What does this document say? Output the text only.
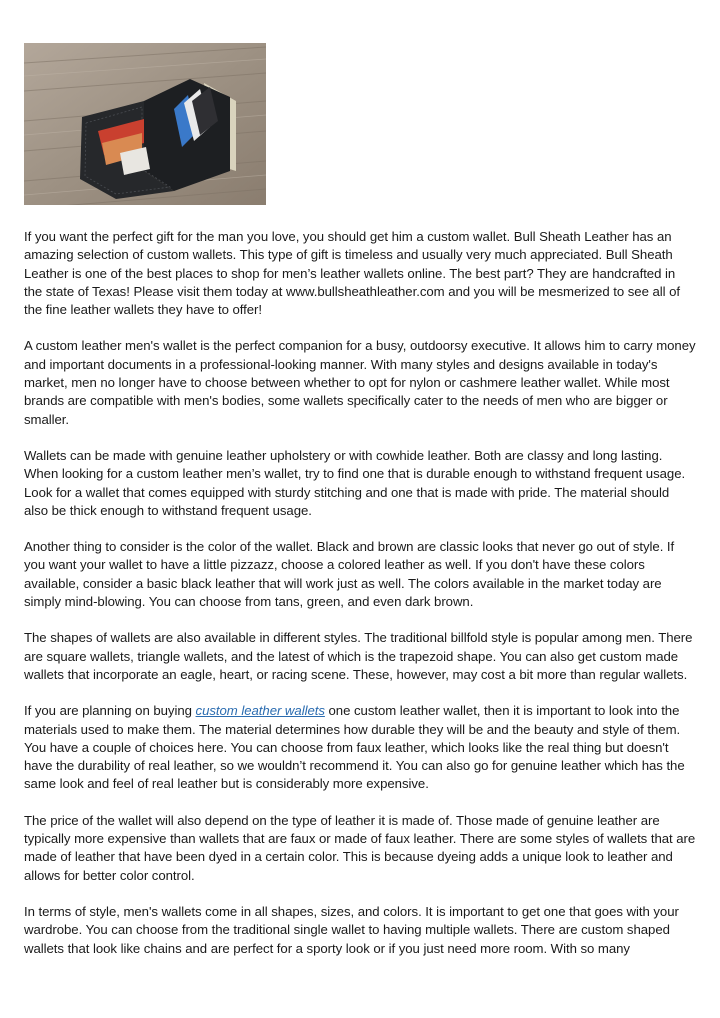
If you want the perfect gift for the man you love, you should get him a custom wallet. Bull Sheath Leather has an amazing selection of custom wallets. This type of gift is timeless and usually very much appreciated. Bull Sheath Leather is one of the best places to shop for men’s leather wallets online. The best part? They are handcrafted in the state of Texas! Please visit them today at www.bullsheathleather.com and you will be mesmerized to see all of the fine leather wallets they have to offer!

A custom leather men's wallet is the perfect companion for a busy, outdoorsy executive. It allows him to carry money and important documents in a professional-looking manner. With many styles and designs available in today's market, men no longer have to choose between whether to opt for nylon or cashmere leather wallet. While most brands are compatible with men's bodies, some wallets specifically cater to the needs of men who are bigger or smaller.

Wallets can be made with genuine leather upholstery or with cowhide leather. Both are classy and long lasting. When looking for a custom leather men’s wallet, try to find one that is durable enough to withstand frequent usage. Look for a wallet that comes equipped with sturdy stitching and one that is made with pride. The material should also be thick enough to withstand frequent usage.

Another thing to consider is the color of the wallet. Black and brown are classic looks that never go out of style. If you want your wallet to have a little pizzazz, choose a colored leather as well. If you don't have these colors available, consider a basic black leather that will work just as well. The colors available in the market today are simply mind-blowing. You can choose from tans, green, and even dark brown.

The shapes of wallets are also available in different styles. The traditional billfold style is popular among men. There are square wallets, triangle wallets, and the latest of which is the trapezoid shape. You can also get custom made wallets that incorporate an eagle, heart, or racing scene. These, however, may cost a bit more than regular wallets.

If you are planning on buying custom leather wallets one custom leather wallet, then it is important to look into the materials used to make them. The material determines how durable they will be and the beauty and style of them. You have a couple of choices here. You can choose from faux leather, which looks like the real thing but doesn't have the durability of real leather, so we wouldn’t recommend it. You can also go for genuine leather which has the same look and feel of real leather but is considerably more expensive.

The price of the wallet will also depend on the type of leather it is made of. Those made of genuine leather are typically more expensive than wallets that are faux or made of faux leather. There are some styles of wallets that are made of leather that have been dyed in a certain color. This is because dyeing adds a unique look to leather and allows for better color control.

In terms of style, men's wallets come in all shapes, sizes, and colors. It is important to get one that goes with your wardrobe. You can choose from the traditional single wallet to having multiple wallets. There are custom shaped wallets that look like chains and are perfect for a sporty look or if you just need more room. With so many
